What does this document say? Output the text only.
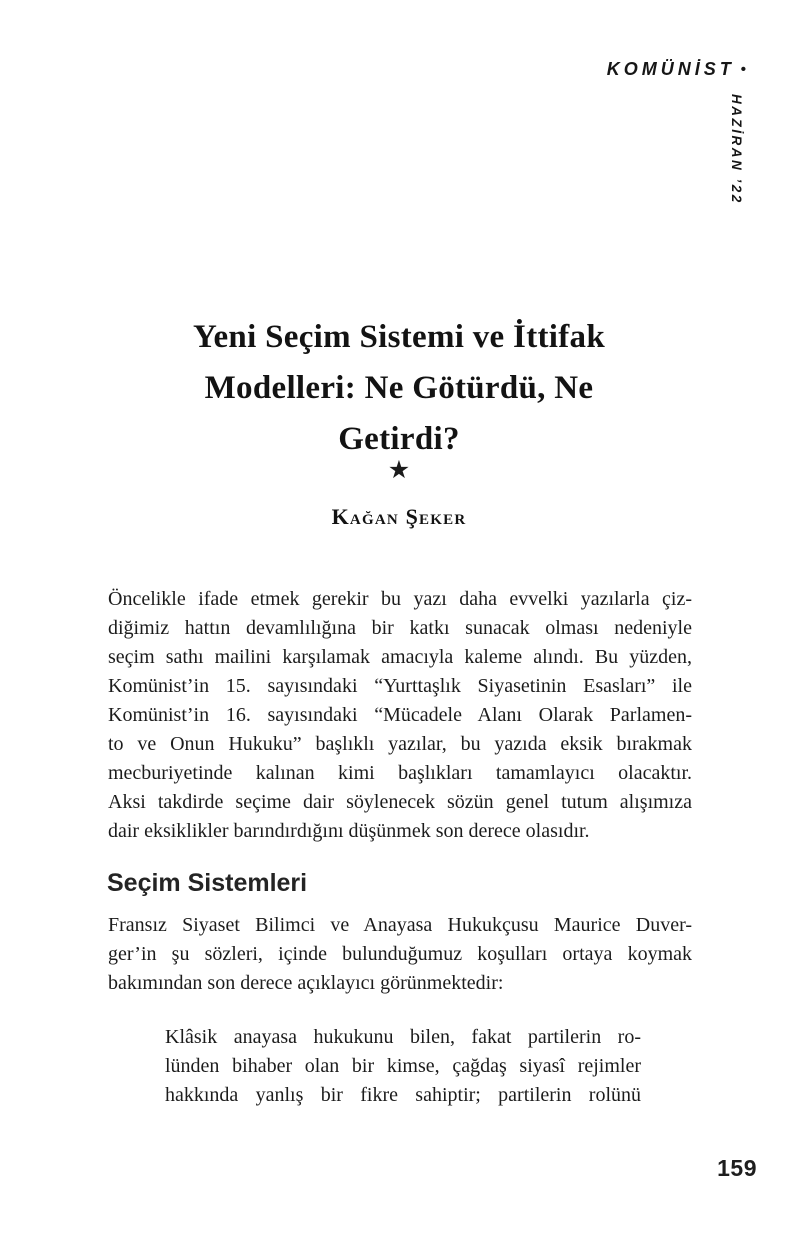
KOMÜNİST •
HAZİRAN ’22
Yeni Seçim Sistemi ve İttifak
Modelleri: Ne Götürdü, Ne
Getirdi?
★
Kağan Şeker
Öncelikle ifade etmek gerekir bu yazı daha evvelki yazılarla çiz-
diğimiz hattın devamlılığına bir katkı sunacak olması nedeniyle
seçim sathı mailini karşılamak amacıyla kaleme alındı. Bu yüzden,
Komünist’in 15. sayısındaki “Yurttaşlık Siyasetinin Esasları” ile
Komünist’in 16. sayısındaki “Mücadele Alanı Olarak Parlamen-
to ve Onun Hukuku” başlıklı yazılar, bu yazıda eksik bırakmak
mecburiyetinde kalınan kimi başlıkları tamamlayıcı olacaktır.
Aksi takdirde seçime dair söylenecek sözün genel tutum alışımıza
dair eksiklikler barındırdığını düşünmek son derece olasıdır.
Seçim Sistemleri
Fransız Siyaset Bilimci ve Anayasa Hukukçusu Maurice Duver-
ger’in şu sözleri, içinde bulunduğumuz koşulları ortaya koymak
bakımından son derece açıklayıcı görünmektedir:
Klâsik anayasa hukukunu bilen, fakat partilerin ro-
lünden bihaber olan bir kimse, çağdaş siyasî rejimler
hakkında yanlış bir fikre sahiptir; partilerin rolünü
159
